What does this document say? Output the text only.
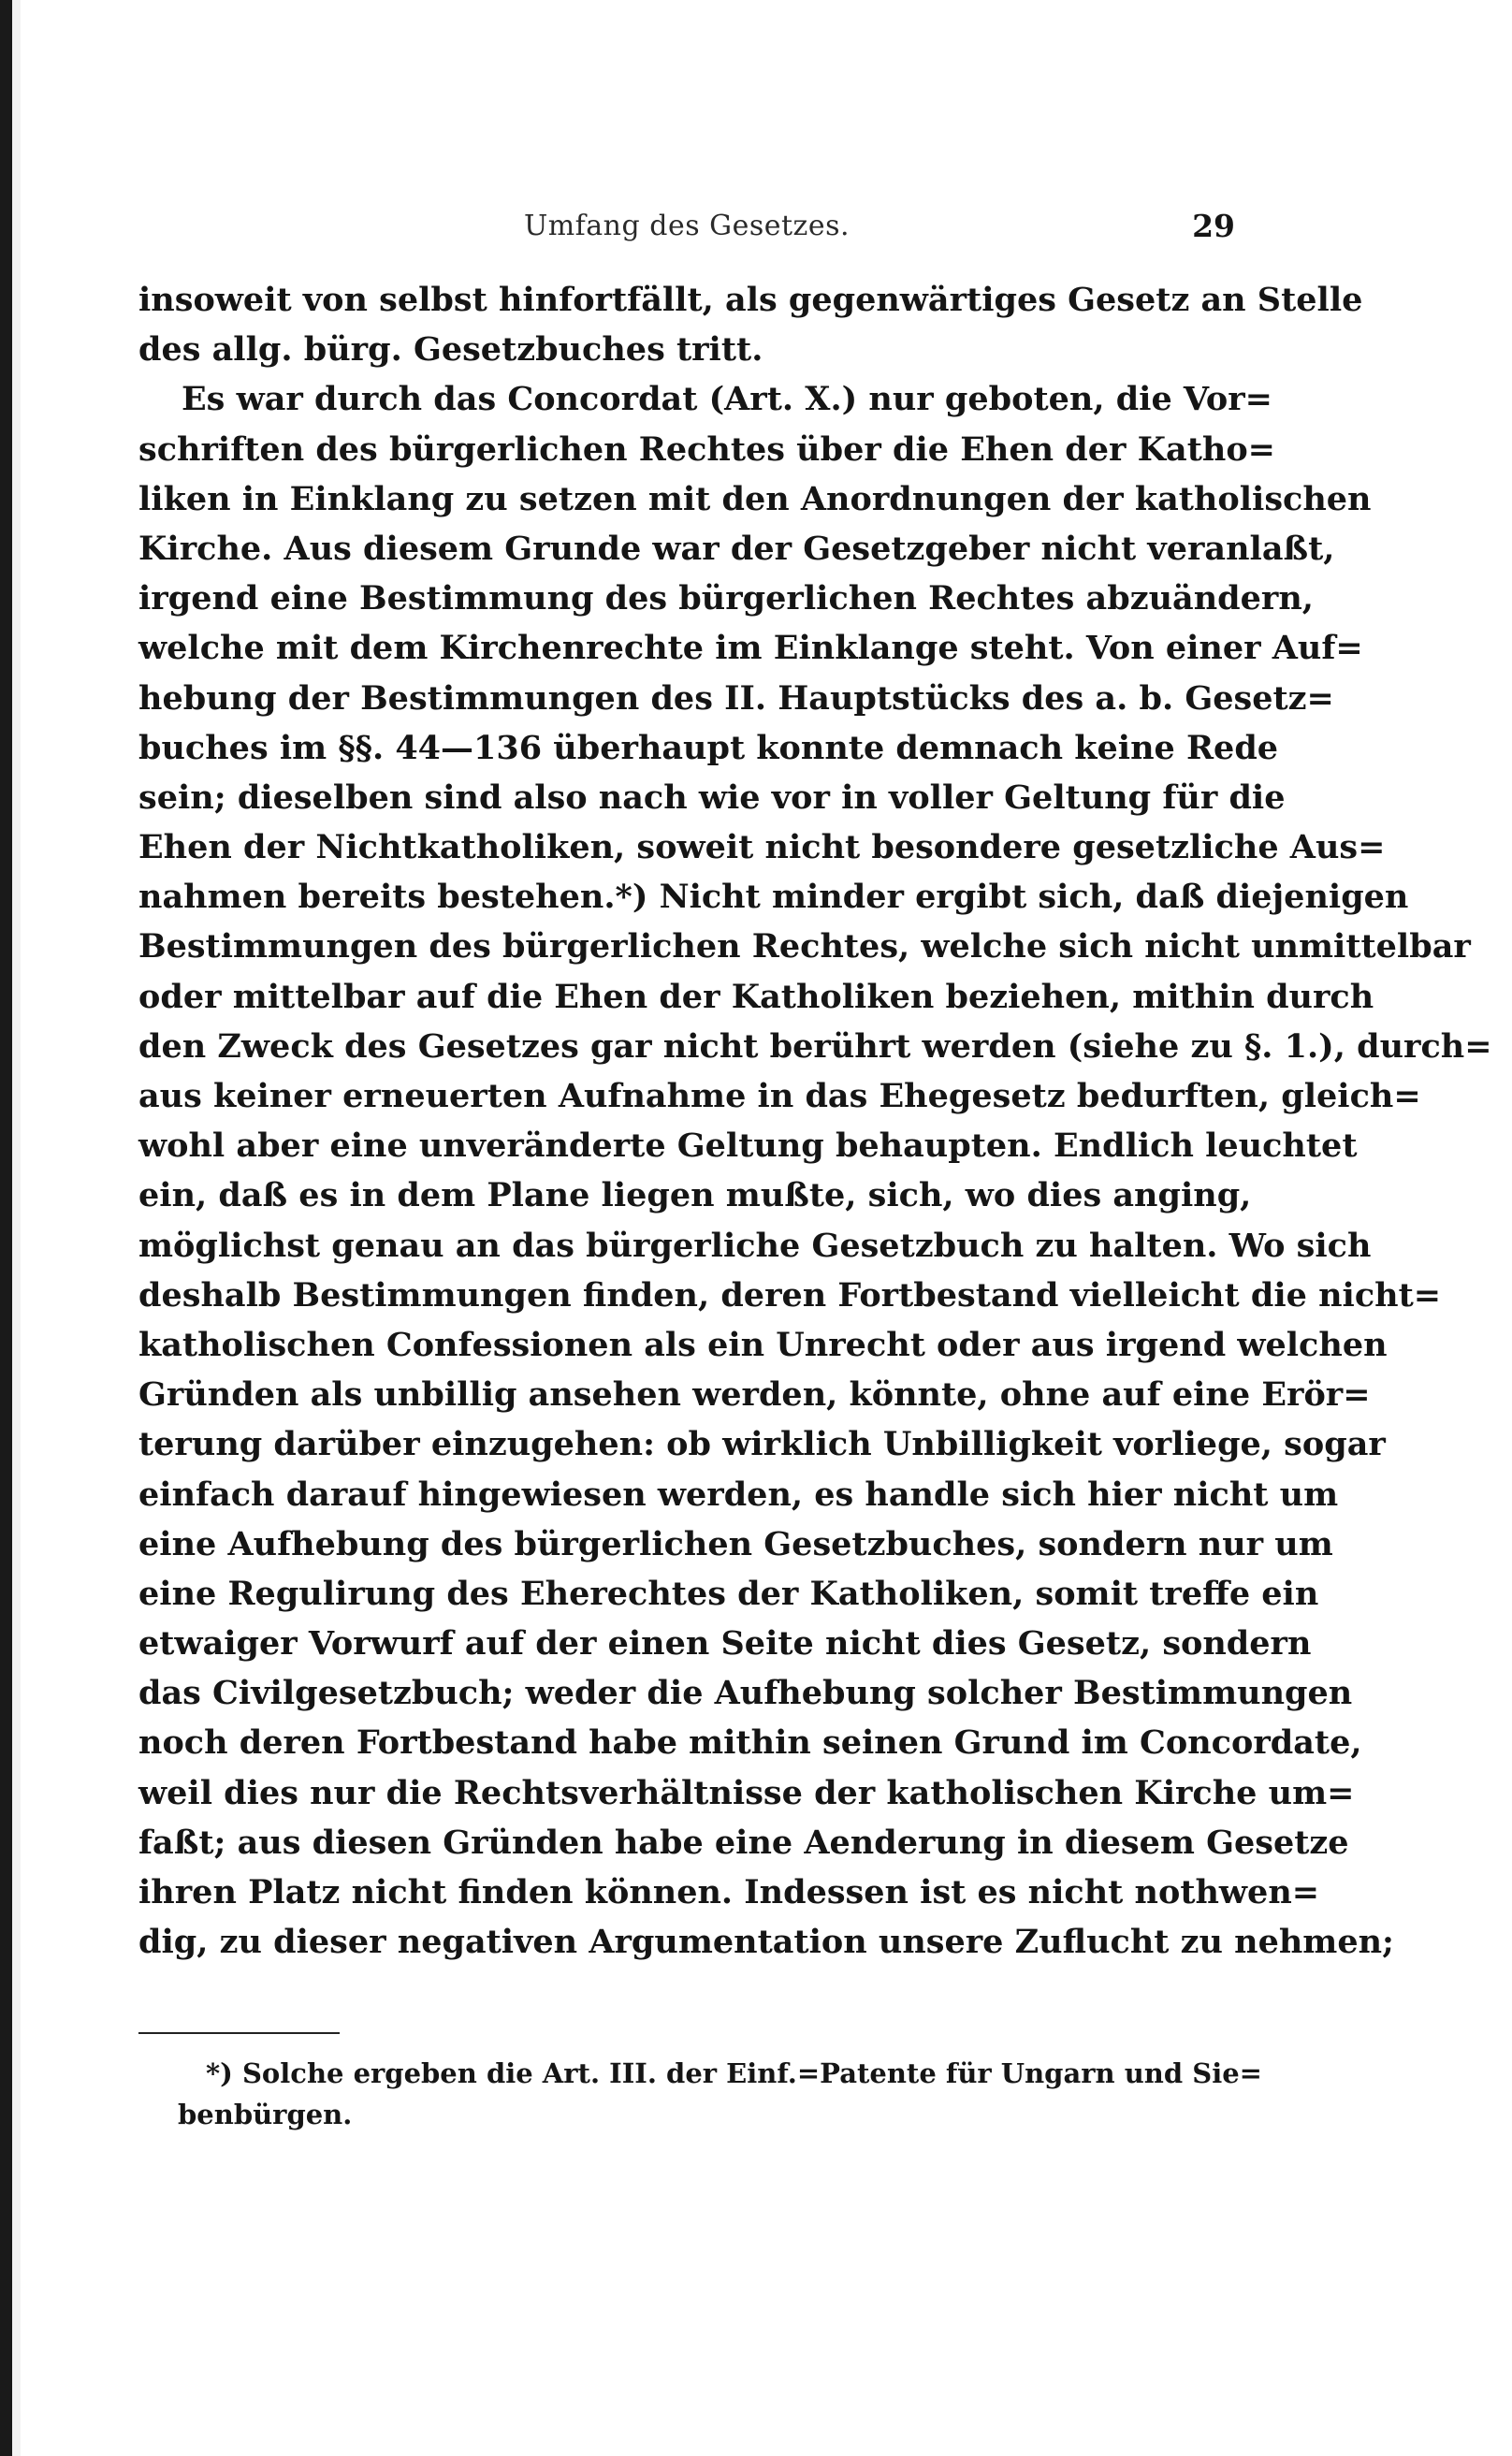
Umfang des Gesetzes.	29
insoweit von selbst hinfortfällt, als gegenwärtiges Gesetz an Stelle
des allg. bürg. Gesetzbuches tritt.
Es war durch das Concordat (Art. X.) nur geboten, die Vor=
schriften des bürgerlichen Rechtes über die Ehen der Katho=
liken in Einklang zu setzen mit den Anordnungen der katholischen
Kirche. Aus diesem Grunde war der Gesetzgeber nicht veranlaßt,
irgend eine Bestimmung des bürgerlichen Rechtes abzuändern,
welche mit dem Kirchenrechte im Einklange steht. Von einer Auf=
hebung der Bestimmungen des II. Hauptstücks des a. b. Gesetz=
buches im §§. 44—136 überhaupt konnte demnach keine Rede
sein; dieselben sind also nach wie vor in voller Geltung für die
Ehen der Nichtkatholiken, soweit nicht besondere gesetzliche Aus=
nahmen bereits bestehen.*) Nicht minder ergibt sich, daß diejenigen
Bestimmungen des bürgerlichen Rechtes, welche sich nicht unmittelbar
oder mittelbar auf die Ehen der Katholiken beziehen, mithin durch
den Zweck des Gesetzes gar nicht berührt werden (siehe zu §. 1.), durch=
aus keiner erneuerten Aufnahme in das Ehegesetz bedurften, gleich=
wohl aber eine unveränderte Geltung behaupten. Endlich leuchtet
ein, daß es in dem Plane liegen mußte, sich, wo dies anging,
möglichst genau an das bürgerliche Gesetzbuch zu halten. Wo sich
deshalb Bestimmungen finden, deren Fortbestand vielleicht die nicht=
katholischen Confessionen als ein Unrecht oder aus irgend welchen
Gründen als unbillig ansehen werden, könnte, ohne auf eine Erör=
terung darüber einzugehen: ob wirklich Unbilligkeit vorliege, sogar
einfach darauf hingewiesen werden, es handle sich hier nicht um
eine Aufhebung des bürgerlichen Gesetzbuches, sondern nur um
eine Regulirung des Eherechtes der Katholiken, somit treffe ein
etwaiger Vorwurf auf der einen Seite nicht dies Gesetz, sondern
das Civilgesetzbuch; weder die Aufhebung solcher Bestimmungen
noch deren Fortbestand habe mithin seinen Grund im Concordate,
weil dies nur die Rechtsverhältnisse der katholischen Kirche um=
faßt; aus diesen Gründen habe eine Aenderung in diesem Gesetze
ihren Platz nicht finden können. Indessen ist es nicht nothwen=
dig, zu dieser negativen Argumentation unsere Zuflucht zu nehmen;
*) Solche ergeben die Art. III. der Einf.=Patente für Ungarn und Sie=
benbürgen.
